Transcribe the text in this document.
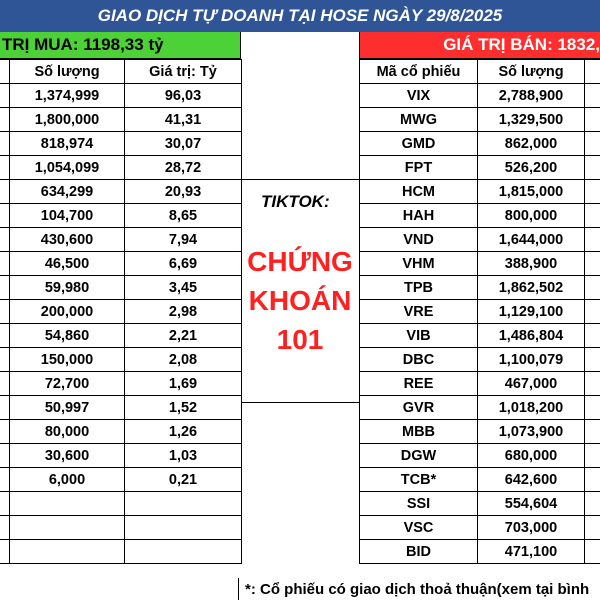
GIAO DỊCH TỰ DOANH TẠI HOSE NGÀY 29/8/2025
TRỊ MUA: 1198,33 tỷ
	Số lượng	Giá trị: Tỷ
	1,374,999	96,03
	1,800,000	41,31
	818,974	30,07
	1,054,099	28,72
	634,299	20,93
	104,700	8,65
	430,600	7,94
	46,500	6,69
	59,980	3,45
	200,000	2,98
	54,860	2,21
	150,000	2,08
	72,700	1,69
	50,997	1,52
	80,000	1,26
	30,600	1,03
	6,000	0,21

TIKTOK:
CHỨNG
KHOÁN
101
GIÁ TRỊ BÁN: 1832,
Mã cổ phiếu	Số lượng	
VIX	2,788,900	
MWG	1,329,500	
GMD	862,000	
FPT	526,200	
HCM	1,815,000	
HAH	800,000	
VND	1,644,000	
VHM	388,900	
TPB	1,862,502	
VRE	1,129,100	
VIB	1,486,804	
DBC	1,100,079	
REE	467,000	
GVR	1,018,200	
MBB	1,073,900	
DGW	680,000	
TCB*	642,600	
SSI	554,604	
VSC	703,000	
BID	471,100	
*: Cổ phiếu có giao dịch thoả thuận(xem tại bình
